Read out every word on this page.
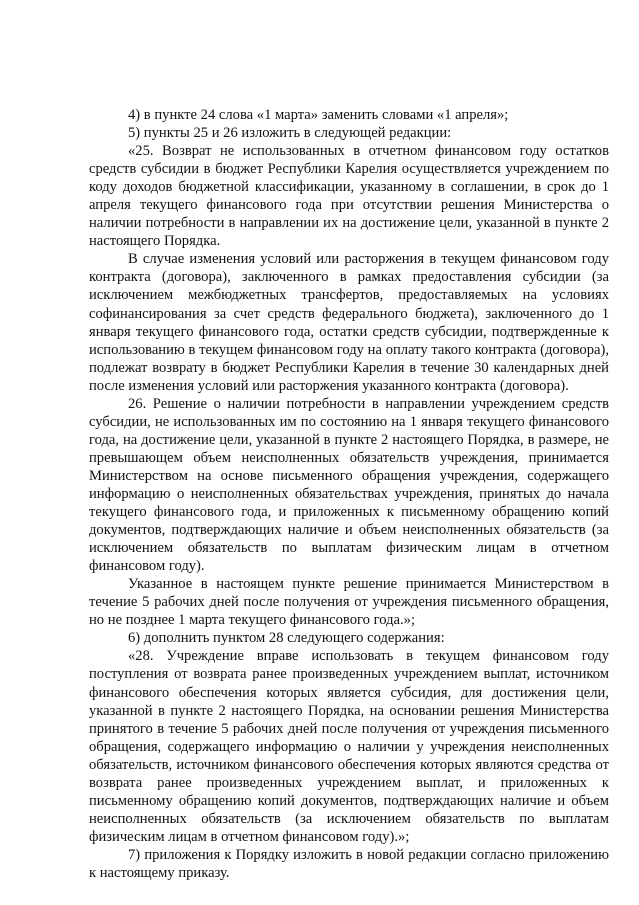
4) в пункте 24 слова «1 марта» заменить словами «1 апреля»;

5) пункты 25 и 26 изложить в следующей редакции:

«25. Возврат не использованных в отчетном финансовом году остатков средств субсидии в бюджет Республики Карелия осуществляется учреждением по коду доходов бюджетной классификации, указанному в соглашении, в срок до 1 апреля текущего финансового года при отсутствии решения Министерства о наличии потребности в направлении их на достижение цели, указанной в пункте 2 настоящего Порядка.

В случае изменения условий или расторжения в текущем финансовом году контракта (договора), заключенного в рамках предоставления субсидии (за исключением межбюджетных трансфертов, предоставляемых на условиях софинансирования за счет средств федерального бюджета), заключенного до 1 января текущего финансового года, остатки средств субсидии, подтвержденные к использованию в текущем финансовом году на оплату такого контракта (договора), подлежат возврату в бюджет Республики Карелия в течение 30 календарных дней после изменения условий или расторжения указанного контракта (договора).

26. Решение о наличии потребности в направлении учреждением средств субсидии, не использованных им по состоянию на 1 января текущего финансового года, на достижение цели, указанной в пункте 2 настоящего Порядка, в размере, не превышающем объем неисполненных обязательств учреждения, принимается Министерством на основе письменного обращения учреждения, содержащего информацию о неисполненных обязательствах учреждения, принятых до начала текущего финансового года, и приложенных к письменному обращению копий документов, подтверждающих наличие и объем неисполненных обязательств (за исключением обязательств по выплатам физическим лицам в отчетном финансовом году).

Указанное в настоящем пункте решение принимается Министерством в течение 5 рабочих дней после получения от учреждения письменного обращения, но не позднее 1 марта текущего финансового года.»;

6) дополнить пунктом 28 следующего содержания:

«28. Учреждение вправе использовать в текущем финансовом году поступления от возврата ранее произведенных учреждением выплат, источником финансового обеспечения которых является субсидия, для достижения цели, указанной в пункте 2 настоящего Порядка, на основании решения Министерства принятого в течение 5 рабочих дней после получения от учреждения письменного обращения, содержащего информацию о наличии у учреждения неисполненных обязательств, источником финансового обеспечения которых являются средства от возврата ранее произведенных учреждением выплат, и приложенных к письменному обращению копий документов, подтверждающих наличие и объем неисполненных обязательств (за исключением обязательств по выплатам физическим лицам в отчетном финансовом году).»;

7) приложения к Порядку изложить в новой редакции согласно приложению к настоящему приказу.
